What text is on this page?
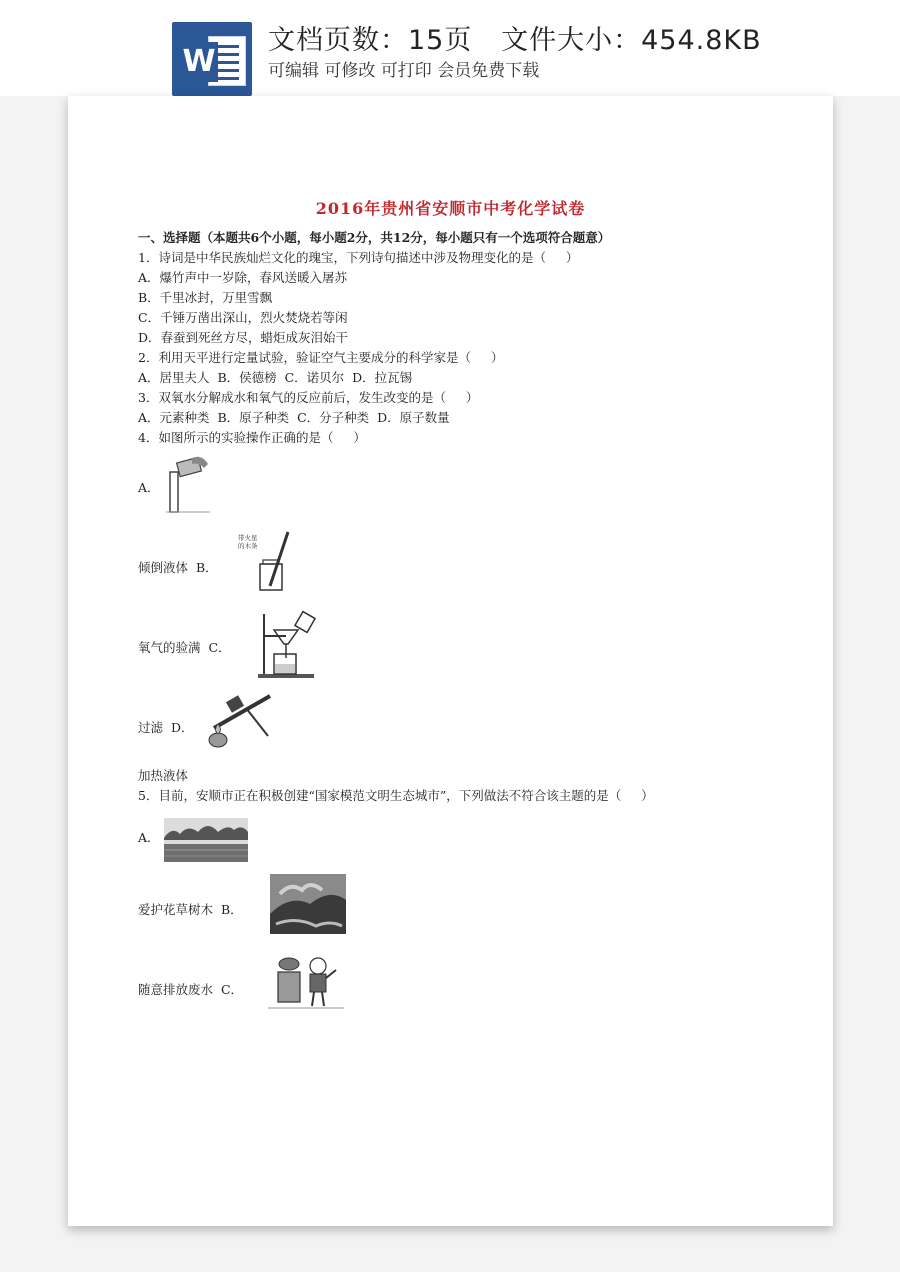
W
文档页数：15页   文件大小：454.8KB
可编辑 可修改 可打印 会员免费下载
2016年贵州省安顺市中考化学试卷
一、选择题（本题共6个小题，每小题2分，共12分，每小题只有一个选项符合题意）
1．诗词是中华民族灿烂文化的瑰宝，下列诗句描述中涉及物理变化的是（     ）
A．爆竹声中一岁除，春风送暖入屠苏
B．千里冰封，万里雪飘
C．千锤万凿出深山，烈火焚烧若等闲
D．春蚕到死丝方尽，蜡炬成灰泪始干
2．利用天平进行定量试验，验证空气主要成分的科学家是（     ）
A．居里夫人  B．侯德榜  C．诺贝尔  D．拉瓦锡
3．双氧水分解成水和氧气的反应前后，发生改变的是（     ）
A．元素种类  B．原子种类  C．分子种类  D．原子数量
4．如图所示的实验操作正确的是（     ）
A．
倾倒液体  B．
带火星
的木条
氧气的验满  C．
过滤  D．
加热液体
5．目前，安顺市正在积极创建“国家模范文明生态城市”，下列做法不符合该主题的是（     ）
A．
爱护花草树木  B．
随意排放废水  C．
